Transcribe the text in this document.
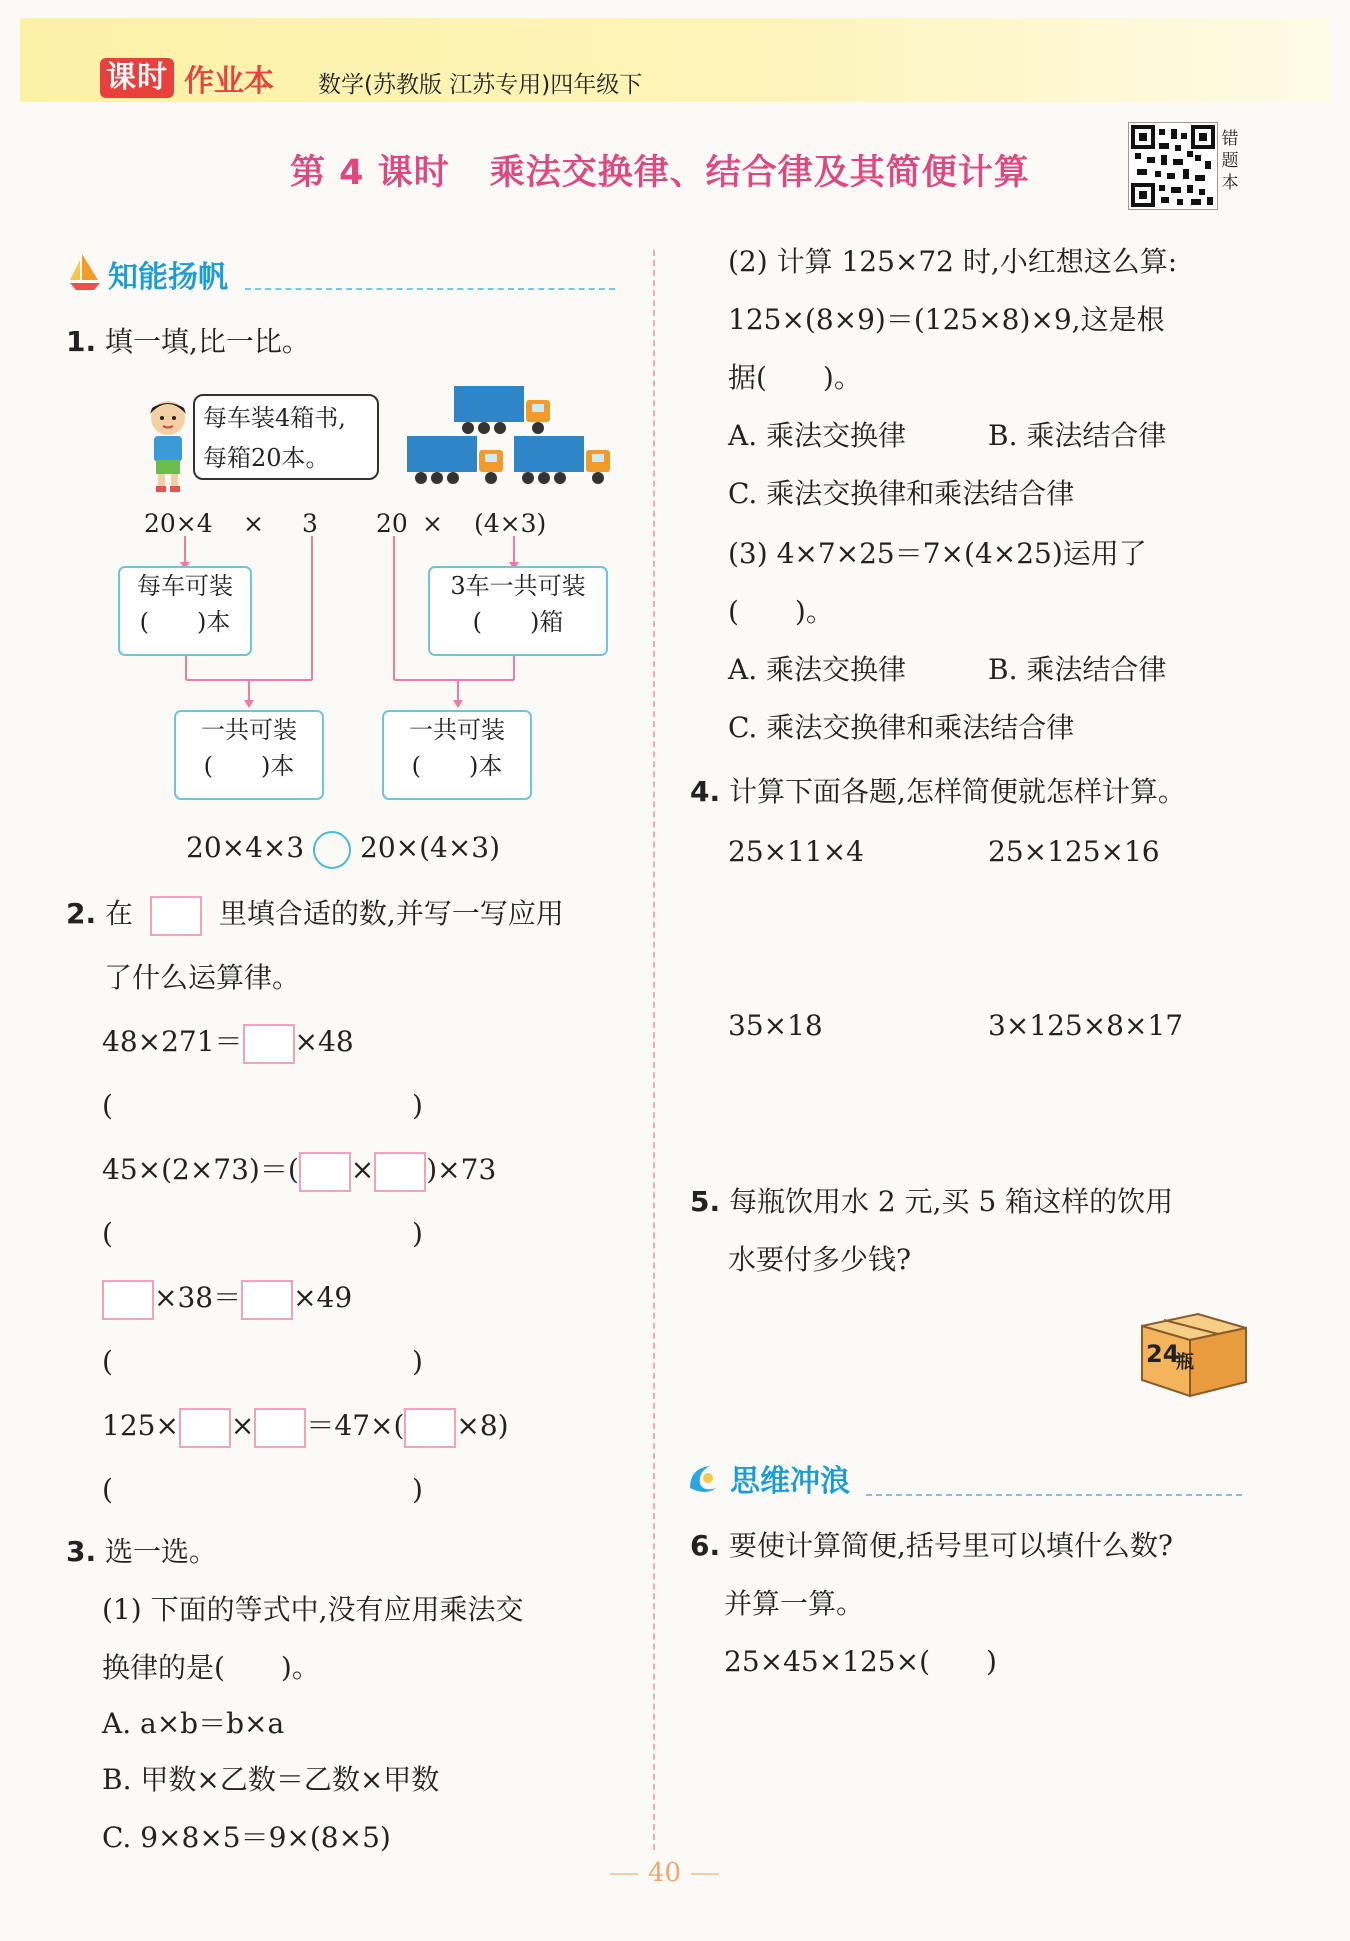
课时 作业本 数学(苏教版 江苏专用)四年级下
第 4 课时 乘法交换律、结合律及其简便计算
错题本
知能扬帆
1. 填一填,比一比。
每车装4箱书,
每箱20本。
20×4 × 3 20 × (4×3)
每车可装
(　　)本
3车一共可装
(　　)箱
一共可装
(　　)本
一共可装
(　　)本
20×4×3 20×(4×3)
2. 在	里填合适的数,并写一写应用
了什么运算律。
48×271＝ ×48
(	)
45×(2×73)＝( × )×73
(	)
×38＝ ×49
(	)
125× × ＝47×( ×8)
(	)
3. 选一选。
(1) 下面的等式中,没有应用乘法交
换律的是(　　)。
A. a×b＝b×a
B. 甲数×乙数＝乙数×甲数
C. 9×8×5＝9×(8×5)
(2) 计算 125×72 时,小红想这么算:
125×(8×9)＝(125×8)×9,这是根
据(　　)。
A. 乘法交换律	B. 乘法结合律
C. 乘法交换律和乘法结合律
(3) 4×7×25＝7×(4×25)运用了
(　　)。
A. 乘法交换律	B. 乘法结合律
C. 乘法交换律和乘法结合律
4. 计算下面各题,怎样简便就怎样计算。
25×11×4	25×125×16
35×18	3×125×8×17
5. 每瓶饮用水 2 元,买 5 箱这样的饮用
水要付多少钱?
24
瓶
思维冲浪
6. 要使计算简便,括号里可以填什么数?
并算一算。
25×45×125×(　　)
40
